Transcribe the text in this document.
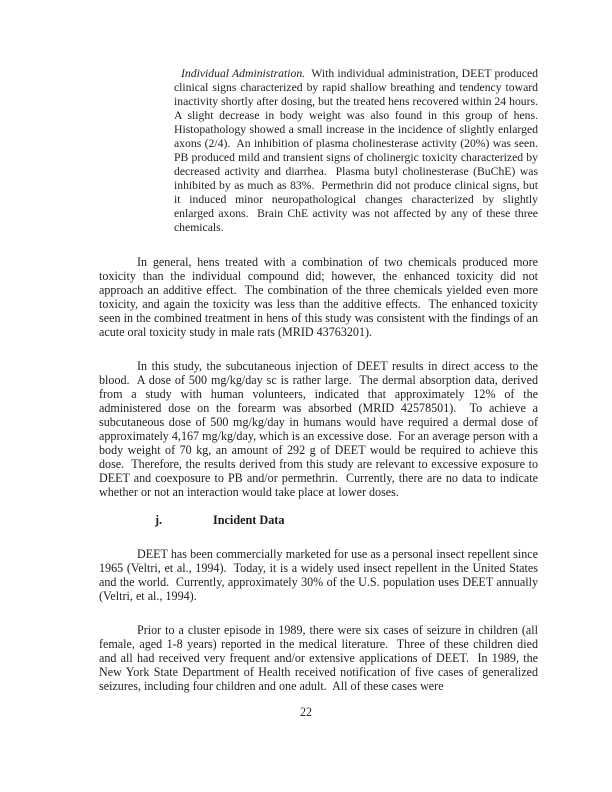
Individual Administration.  With individual administration, DEET produced clinical signs characterized by rapid shallow breathing and tendency toward inactivity shortly after dosing, but the treated hens recovered within 24 hours.  A slight decrease in body weight was also found in this group of hens.  Histopathology showed a small increase in the incidence of slightly enlarged axons (2/4).  An inhibition of plasma cholinesterase activity (20%) was seen.  PB produced mild and transient signs of cholinergic toxicity characterized by decreased activity and diarrhea.  Plasma butyl cholinesterase (BuChE) was inhibited by as much as 83%.  Permethrin did not produce clinical signs, but it induced minor neuropathological changes characterized by slightly enlarged axons.  Brain ChE activity was not affected by any of these three chemicals.

In general, hens treated with a combination of two chemicals produced more toxicity than the individual compound did; however, the enhanced toxicity did not approach an additive effect.  The combination of the three chemicals yielded even more toxicity, and again the toxicity was less than the additive effects.  The enhanced toxicity seen in the combined treatment in hens of this study was consistent with the findings of an acute oral toxicity study in male rats (MRID 43763201).

In this study, the subcutaneous injection of DEET results in direct access to the blood.  A dose of 500 mg/kg/day sc is rather large.  The dermal absorption data, derived from a study with human volunteers, indicated that approximately 12% of the administered dose on the forearm was absorbed (MRID 42578501).  To achieve a subcutaneous dose of 500 mg/kg/day in humans would have required a dermal dose of approximately 4,167 mg/kg/day, which is an excessive dose.  For an average person with a body weight of 70 kg, an amount of 292 g of DEET would be required to achieve this dose.  Therefore, the results derived from this study are relevant to excessive exposure to DEET and coexposure to PB and/or permethrin.  Currently, there are no data to indicate whether or not an interaction would take place at lower doses.

j.	Incident Data

DEET has been commercially marketed for use as a personal insect repellent since 1965 (Veltri, et al., 1994).  Today, it is a widely used insect repellent in the United States and the world.  Currently, approximately 30% of the U.S. population uses DEET annually (Veltri, et al., 1994).

Prior to a cluster episode in 1989, there were six cases of seizure in children (all female, aged 1-8 years) reported in the medical literature.  Three of these children died and all had received very frequent and/or extensive applications of DEET.  In 1989, the New York State Department of Health received notification of five cases of generalized seizures, including four children and one adult.  All of these cases were

22
